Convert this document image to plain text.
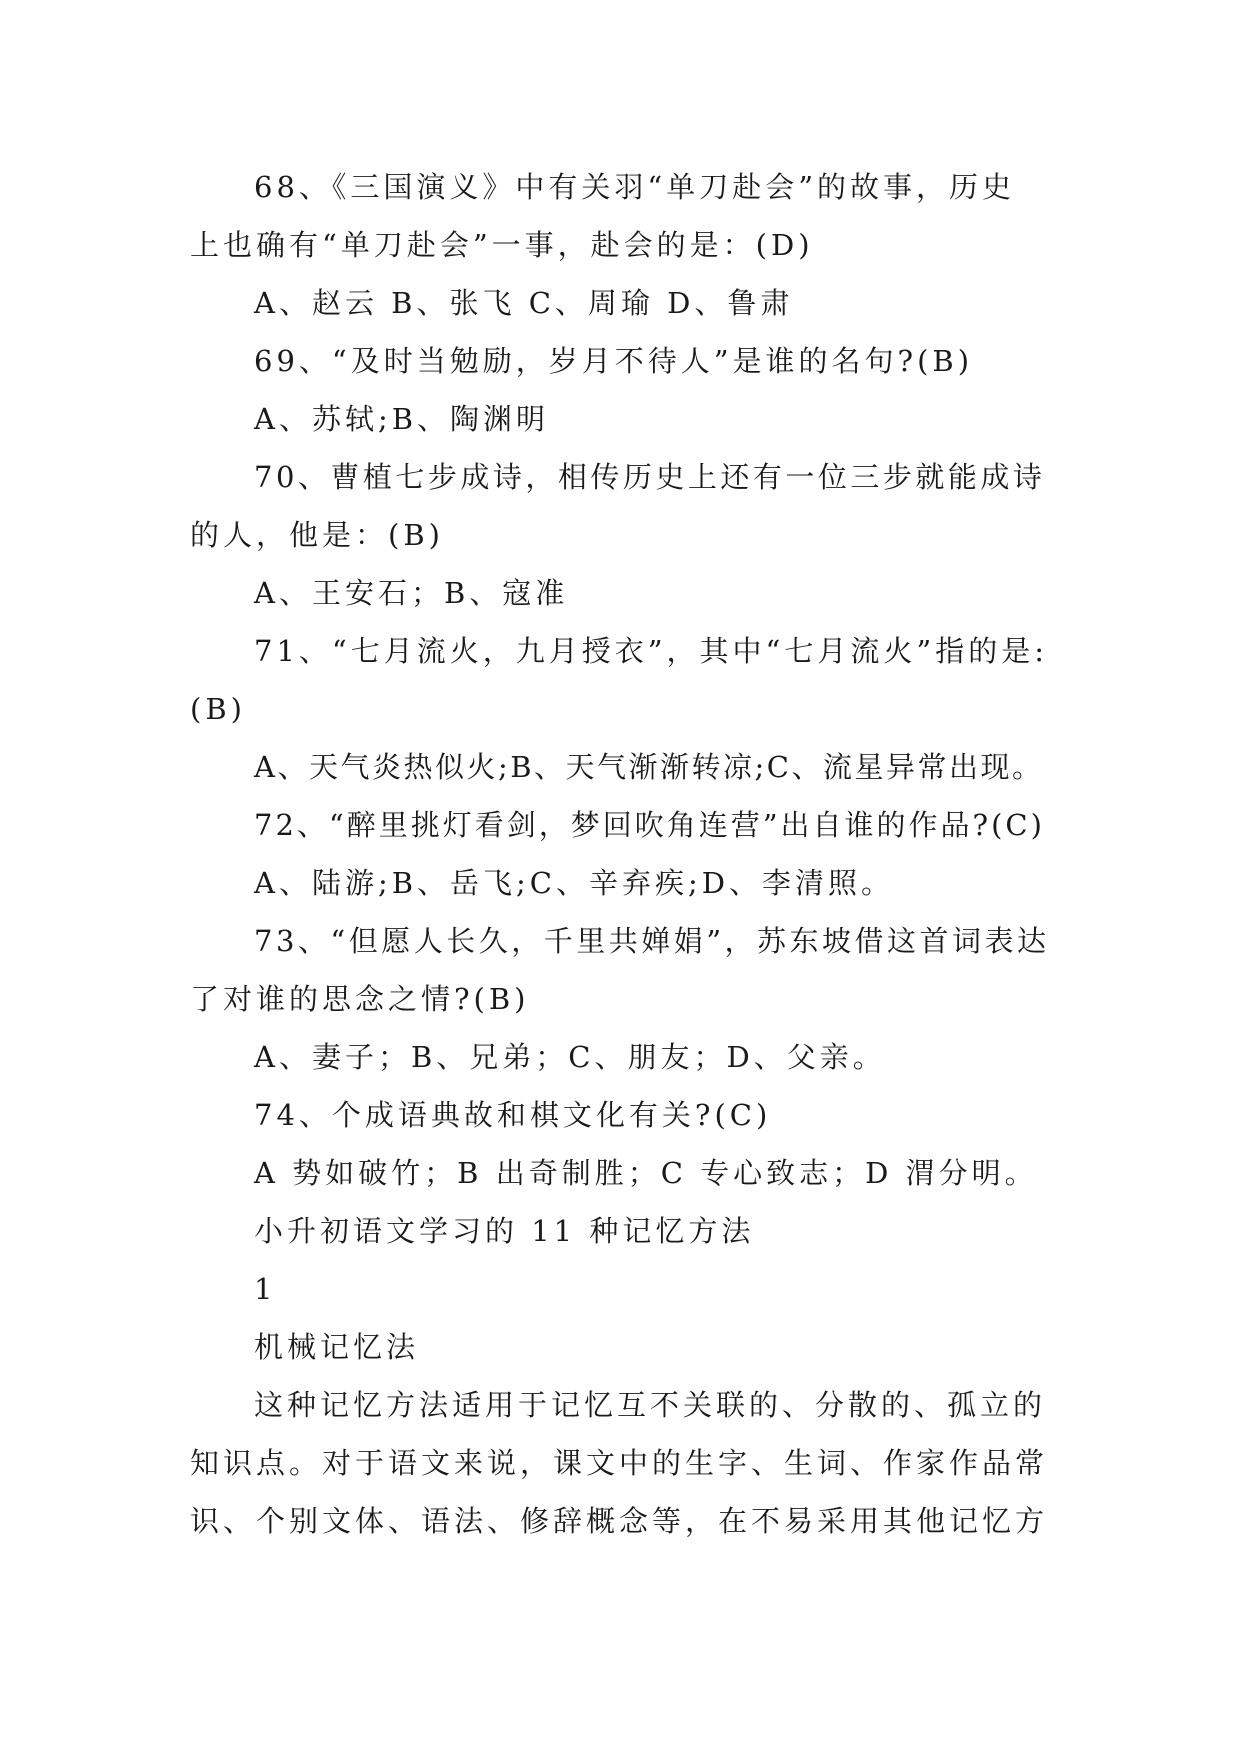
68、《三国演义》中有关羽“单刀赴会”的故事，历史
上也确有“单刀赴会”一事，赴会的是：(D)
A、赵云 B、张飞 C、周瑜 D、鲁肃
69、“及时当勉励，岁月不待人”是谁的名句?(B)
A、苏轼;B、陶渊明
70、曹植七步成诗，相传历史上还有一位三步就能成诗
的人，他是：(B)
A、王安石；B、寇准
71、“七月流火，九月授衣”，其中“七月流火”指的是:
(B)
A、天气炎热似火;B、天气渐渐转凉;C、流星异常出现。
72、“醉里挑灯看剑，梦回吹角连营”出自谁的作品?(C)
A、陆游;B、岳飞;C、辛弃疾;D、李清照。
73、“但愿人长久，千里共婵娟”，苏东坡借这首词表达
了对谁的思念之情?(B)
A、妻子；B、兄弟；C、朋友；D、父亲。
74、个成语典故和棋文化有关?(C)
A 势如破竹；B 出奇制胜；C 专心致志；D 渭分明。
小升初语文学习的 11 种记忆方法
1
机械记忆法
这种记忆方法适用于记忆互不关联的、分散的、孤立的
知识点。对于语文来说，课文中的生字、生词、作家作品常
识、个别文体、语法、修辞概念等，在不易采用其他记忆方
